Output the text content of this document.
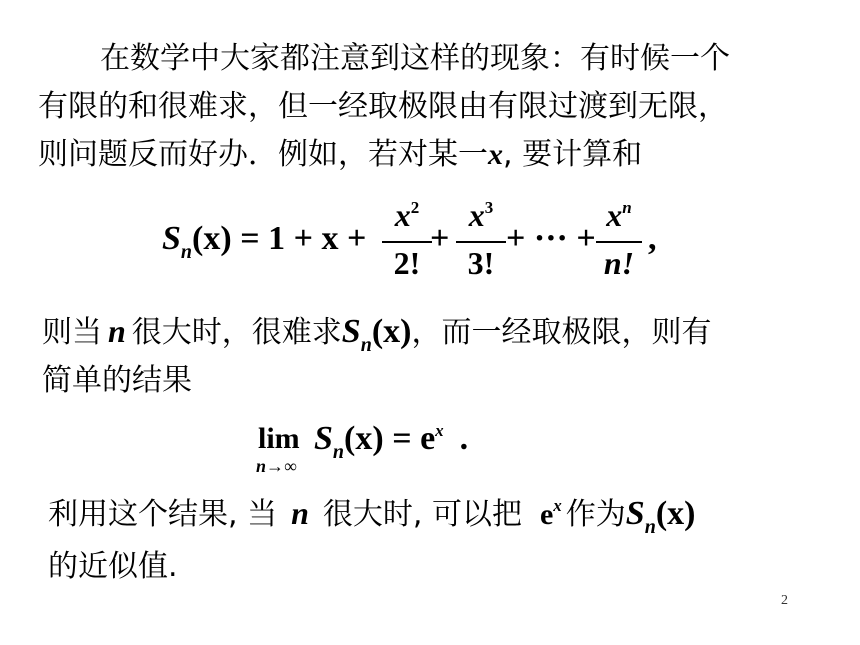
在数学中大家都注意到这样的现象：有时候一个
有限的和很难求，但一经取极限由有限过渡到无限，
则问题反而好办．例如，若对某一x, 要计算和
$S_n(x) = 1 + x$ +
$x^2$
2!
+
$x^3$
3!
+ ··· +
$x^n$
n!
,
则当 n 很大时，很难求$S_n(x)$，而一经取极限，则有
简单的结果
lim
n→∞
$S_n(x) = e^x$ .
利用这个结果, 当 n 很大时, 可以把 $e^x$ 作为$S_n(x)$
的近似值.
2
